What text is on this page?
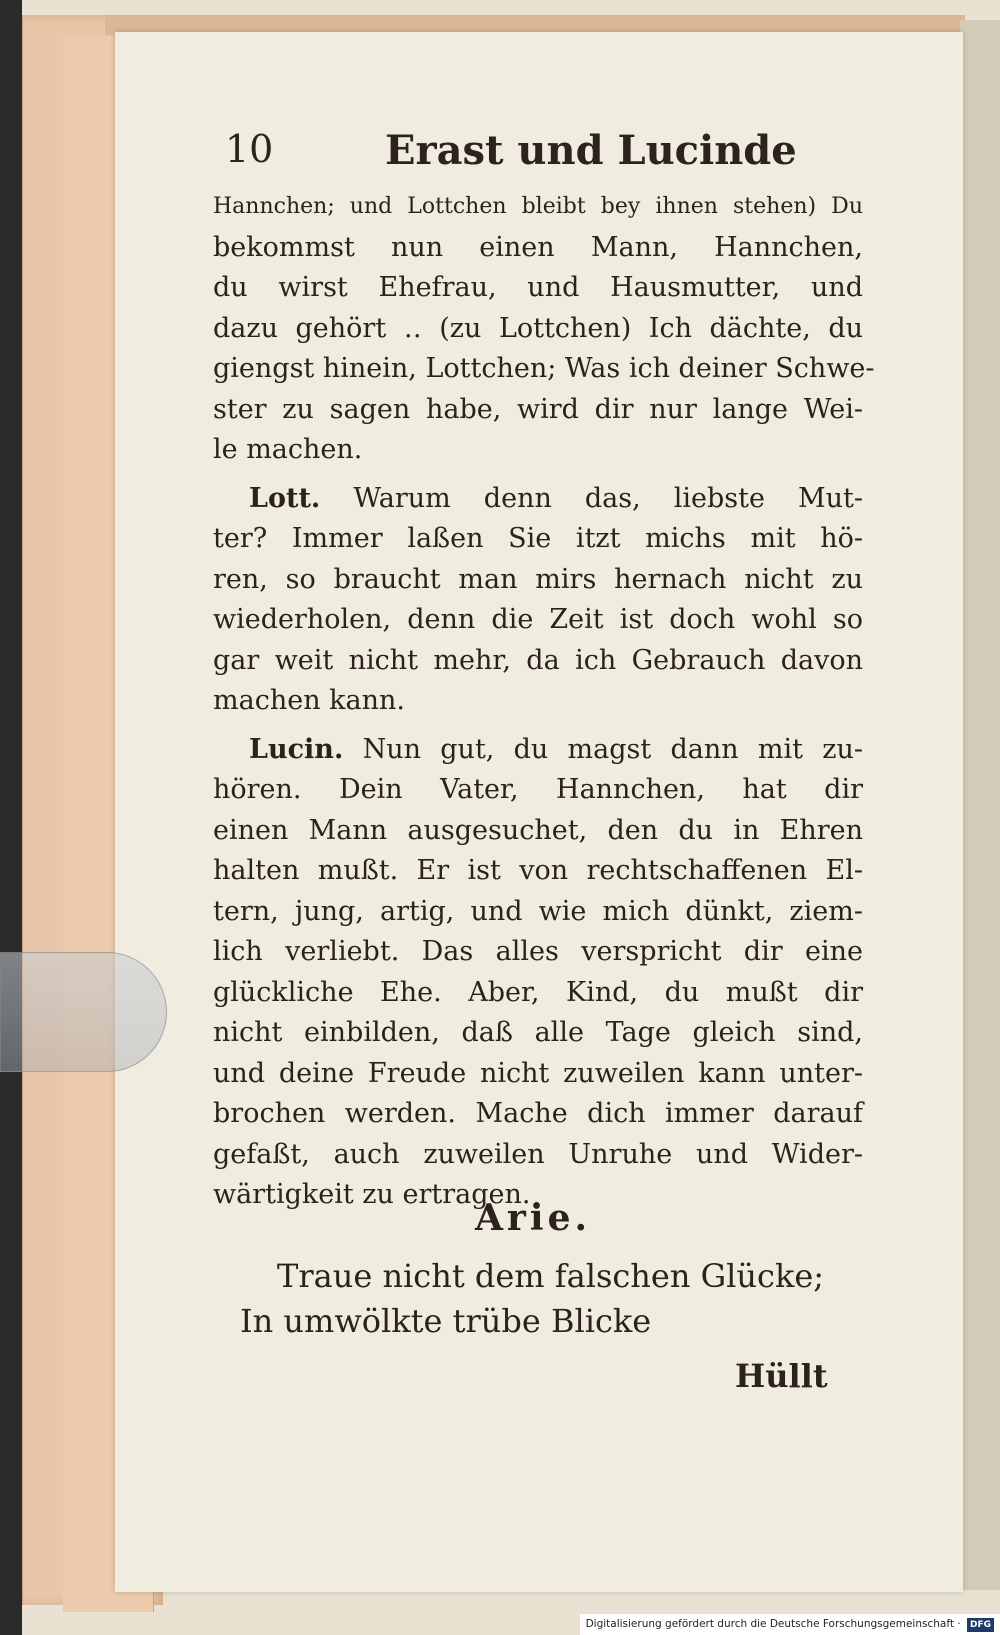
10	Erast und Lucinde
Hannchen; und Lottchen bleibt bey ihnen stehen) Du
bekommst nun einen Mann, Hannchen,
du wirst Ehefrau, und Hausmutter, und
dazu gehört ‥ (zu Lottchen) Ich dächte, du
giengst hinein, Lottchen; Was ich deiner Schwe-
ster zu sagen habe, wird dir nur lange Wei-
le machen.
Lott. Warum denn das, liebste Mut-
ter? Immer laßen Sie itzt michs mit hö-
ren, so braucht man mirs hernach nicht zu
wiederholen, denn die Zeit ist doch wohl so
gar weit nicht mehr, da ich Gebrauch davon
machen kann.
Lucin. Nun gut, du magst dann mit zu-
hören. Dein Vater, Hannchen, hat dir
einen Mann ausgesuchet, den du in Ehren
halten mußt. Er ist von rechtschaffenen El-
tern, jung, artig, und wie mich dünkt, ziem-
lich verliebt. Das alles verspricht dir eine
glückliche Ehe. Aber, Kind, du mußt dir
nicht einbilden, daß alle Tage gleich sind,
und deine Freude nicht zuweilen kann unter-
brochen werden. Mache dich immer darauf
gefaßt, auch zuweilen Unruhe und Wider-
wärtigkeit zu ertragen.
Arie.
Traue nicht dem falschen Glücke;
In umwölkte trübe Blicke
Hüllt
Digitalisierung gefördert durch die Deutsche Forschungsgemeinschaft · DFG
